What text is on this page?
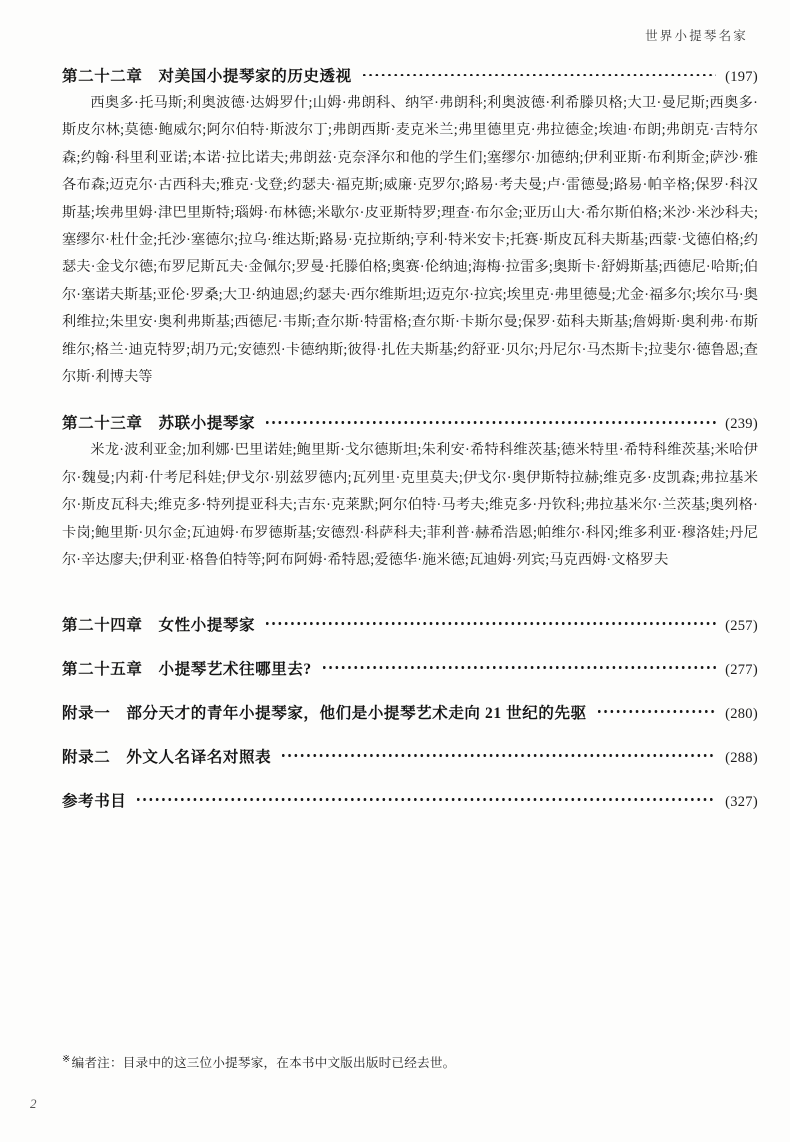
世界小提琴名家
第二十二章 对美国小提琴家的历史透视	(197)
西奥多·托马斯;利奥波德·达姆罗什;山姆·弗朗科、纳罕·弗朗科;利奥波德·利希滕贝格;大卫·曼尼斯;西奥多·斯皮尔林;莫德·鲍威尔;阿尔伯特·斯波尔丁;弗朗西斯·麦克米兰;弗里德里克·弗拉德金;埃迪·布朗;弗朗克·吉特尔森;约翰·科里利亚诺;本诺·拉比诺夫;弗朗兹·克奈泽尔和他的学生们;塞缪尔·加德纳;伊利亚斯·布利斯金;萨沙·雅各布森;迈克尔·古西科夫;雅克·戈登;约瑟夫·福克斯;威廉·克罗尔;路易·考夫曼;卢·雷德曼;路易·帕辛格;保罗·科汉斯基;埃弗里姆·津巴里斯特;瑙姆·布林德;米歇尔·皮亚斯特罗;理查·布尔金;亚历山大·希尔斯伯格;米沙·米沙科夫;塞缪尔·杜什金;托沙·塞德尔;拉乌·维达斯;路易·克拉斯纳;亨利·特米安卡;托赛·斯皮瓦科夫斯基;西蒙·戈德伯格;约瑟夫·金戈尔德;布罗尼斯瓦夫·金佩尔;罗曼·托滕伯格;奥赛·伦纳迪;海梅·拉雷多;奥斯卡·舒姆斯基;西德尼·哈斯;伯尔·塞诺夫斯基;亚伦·罗桑;大卫·纳迪恩;约瑟夫·西尔维斯坦;迈克尔·拉宾;埃里克·弗里德曼;尤金·福多尔;埃尔马·奥利维拉;朱里安·奥利弗斯基;西德尼·韦斯;查尔斯·特雷格;查尔斯·卡斯尔曼;保罗·茹科夫斯基;詹姆斯·奥利弗·布斯维尔;格兰·迪克特罗;胡乃元;安德烈·卡德纳斯;彼得·扎佐夫斯基;约舒亚·贝尔;丹尼尔·马杰斯卡;拉斐尔·德鲁恩;查尔斯·利博夫等
第二十三章 苏联小提琴家	(239)
米龙·波利亚金;加利娜·巴里诺娃;鲍里斯·戈尔德斯坦;朱利安·希特科维茨基;德米特里·希特科维茨基;米哈伊尔·魏曼;内莉·什考尼科娃;伊戈尔·别兹罗德内;瓦列里·克里莫夫;伊戈尔·奥伊斯特拉赫;维克多·皮凯森;弗拉基米尔·斯皮瓦科夫;维克多·特列提亚科夫;吉东·克莱默;阿尔伯特·马考夫;维克多·丹钦科;弗拉基米尔·兰茨基;奥列格·卡岗;鲍里斯·贝尔金;瓦迪姆·布罗德斯基;安德烈·科萨科夫;菲利普·赫希浩恩;帕维尔·科冈;维多利亚·穆洛娃;丹尼尔·辛达廖夫;伊利亚·格鲁伯特等;阿布阿姆·希特恩;爱德华·施米德;瓦迪姆·列宾;马克西姆·文格罗夫
第二十四章 女性小提琴家	(257)
第二十五章 小提琴艺术往哪里去?	(277)
附录一 部分天才的青年小提琴家，他们是小提琴艺术走向 21 世纪的先驱	(280)
附录二 外文人名译名对照表	(288)
参考书目	(327)
※编者注：目录中的这三位小提琴家，在本书中文版出版时已经去世。
2
